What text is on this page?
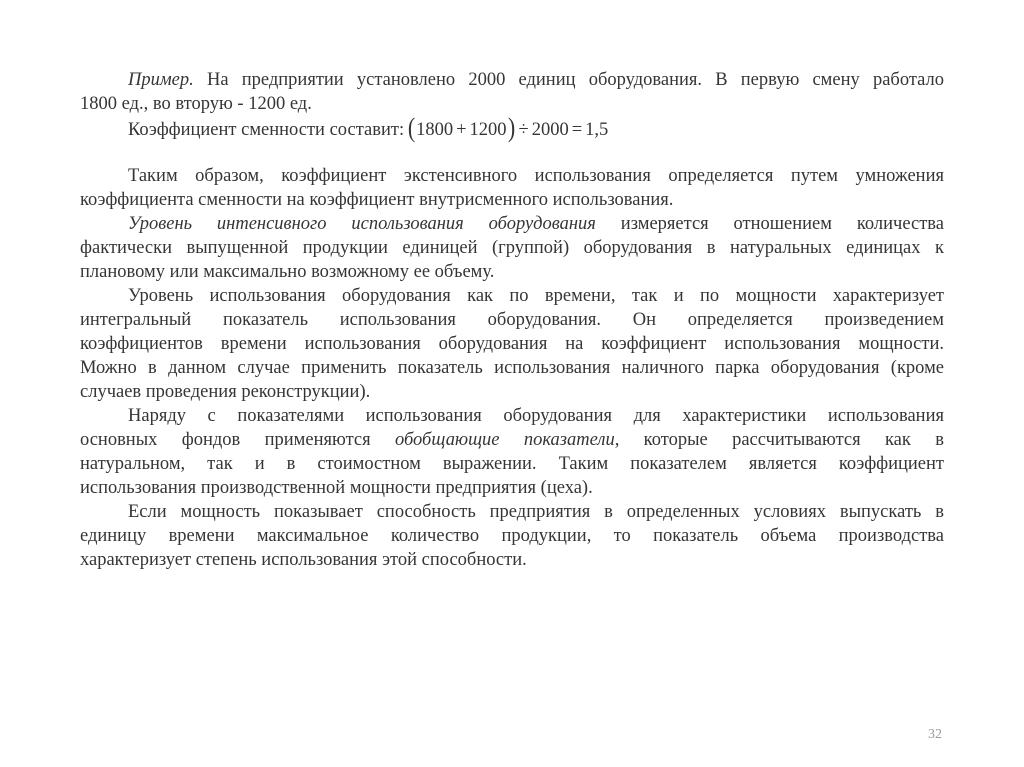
Пример. На предприятии установлено 2000 единиц оборудования. В первую смену работало
1800 ед., во вторую - 1200 ед.
Коэффициент сменности составит: (1800 + 1200) ÷ 2000 = 1,5
Таким образом, коэффициент экстенсивного использования определяется путем умножения
коэффициента сменности на коэффициент внутрисменного использования.
Уровень интенсивного использования оборудования измеряется отношением количества
фактически выпущенной продукции единицей (группой) оборудования в натуральных единицах к
плановому или максимально возможному ее объему.
Уровень использования оборудования как по времени, так и по мощности характеризует
интегральный показатель использования оборудования. Он определяется произведением
коэффициентов времени использования оборудования на коэффициент использования мощности.
Можно в данном случае применить показатель использования наличного парка оборудования (кроме
случаев проведения реконструкции).
Наряду с показателями использования оборудования для характеристики использования
основных фондов применяются обобщающие показатели, которые рассчитываются как в
натуральном, так и в стоимостном выражении. Таким показателем является коэффициент
использования производственной мощности предприятия (цеха).
Если мощность показывает способность предприятия в определенных условиях выпускать в
единицу времени максимальное количество продукции, то показатель объема производства
характеризует степень использования этой способности.
32
